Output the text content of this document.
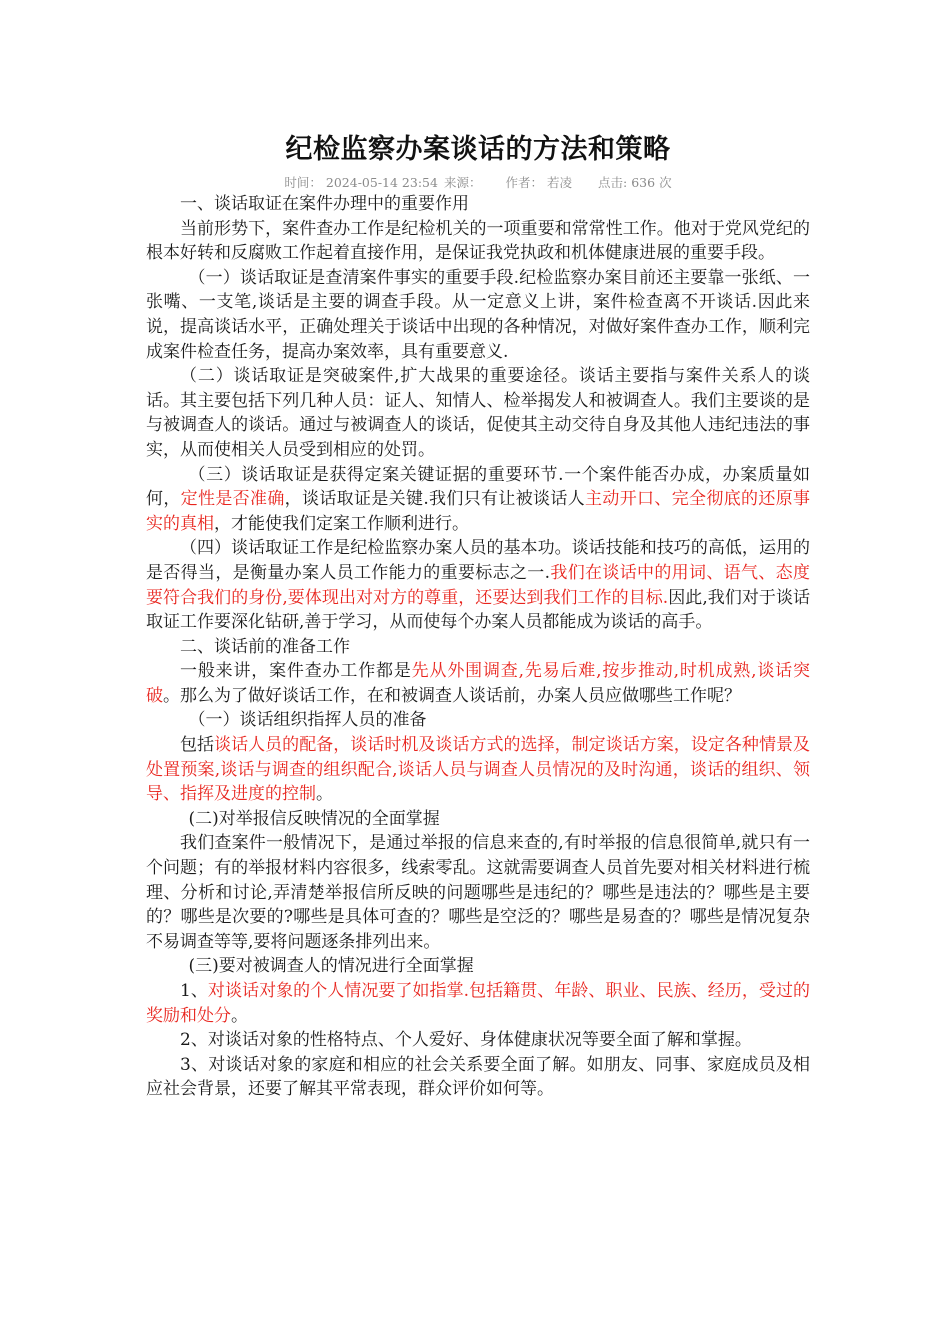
纪检监察办案谈话的方法和策略
时间： 2024-05-14 23:54 来源： 作者： 若凌 点击: 636 次

一、谈话取证在案件办理中的重要作用

当前形势下，案件查办工作是纪检机关的一项重要和常常性工作。他对于党风党纪的根本好转和反腐败工作起着直接作用，是保证我党执政和机体健康进展的重要手段。

（一）谈话取证是查清案件事实的重要手段.纪检监察办案目前还主要靠一张纸、一张嘴、一支笔,谈话是主要的调查手段。从一定意义上讲，案件检查离不开谈话.因此来说，提高谈话水平，正确处理关于谈话中出现的各种情况，对做好案件查办工作，顺利完成案件检查任务，提高办案效率，具有重要意义.

（二）谈话取证是突破案件,扩大战果的重要途径。谈话主要指与案件关系人的谈话。其主要包括下列几种人员：证人、知情人、检举揭发人和被调查人。我们主要谈的是与被调查人的谈话。通过与被调查人的谈话，促使其主动交待自身及其他人违纪违法的事实，从而使相关人员受到相应的处罚。

（三）谈话取证是获得定案关键证据的重要环节.一个案件能否办成，办案质量如何，定性是否准确，谈话取证是关键.我们只有让被谈话人主动开口、完全彻底的还原事实的真相，才能使我们定案工作顺利进行。

（四）谈话取证工作是纪检监察办案人员的基本功。谈话技能和技巧的高低，运用的是否得当，是衡量办案人员工作能力的重要标志之一.我们在谈话中的用词、语气、态度要符合我们的身份,要体现出对对方的尊重，还要达到我们工作的目标.因此,我们对于谈话取证工作要深化钻研,善于学习，从而使每个办案人员都能成为谈话的高手。

二、谈话前的准备工作

一般来讲，案件查办工作都是先从外围调查,先易后难,按步推动,时机成熟,谈话突破。那么为了做好谈话工作，在和被调查人谈话前，办案人员应做哪些工作呢？

（一）谈话组织指挥人员的准备

包括谈话人员的配备，谈话时机及谈话方式的选择，制定谈话方案，设定各种情景及处置预案,谈话与调查的组织配合,谈话人员与调查人员情况的及时沟通，谈话的组织、领导、指挥及进度的控制。

(二)对举报信反映情况的全面掌握

我们查案件一般情况下，是通过举报的信息来查的,有时举报的信息很简单,就只有一个问题；有的举报材料内容很多，线索零乱。这就需要调查人员首先要对相关材料进行梳理、分析和讨论,弄清楚举报信所反映的问题哪些是违纪的？哪些是违法的？哪些是主要的？哪些是次要的?哪些是具体可查的？哪些是空泛的？哪些是易查的？哪些是情况复杂不易调查等等,要将问题逐条排列出来。

(三)要对被调查人的情况进行全面掌握

1、对谈话对象的个人情况要了如指掌.包括籍贯、年龄、职业、民族、经历，受过的奖励和处分。

2、对谈话对象的性格特点、个人爱好、身体健康状况等要全面了解和掌握。

3、对谈话对象的家庭和相应的社会关系要全面了解。如朋友、同事、家庭成员及相应社会背景，还要了解其平常表现，群众评价如何等。
